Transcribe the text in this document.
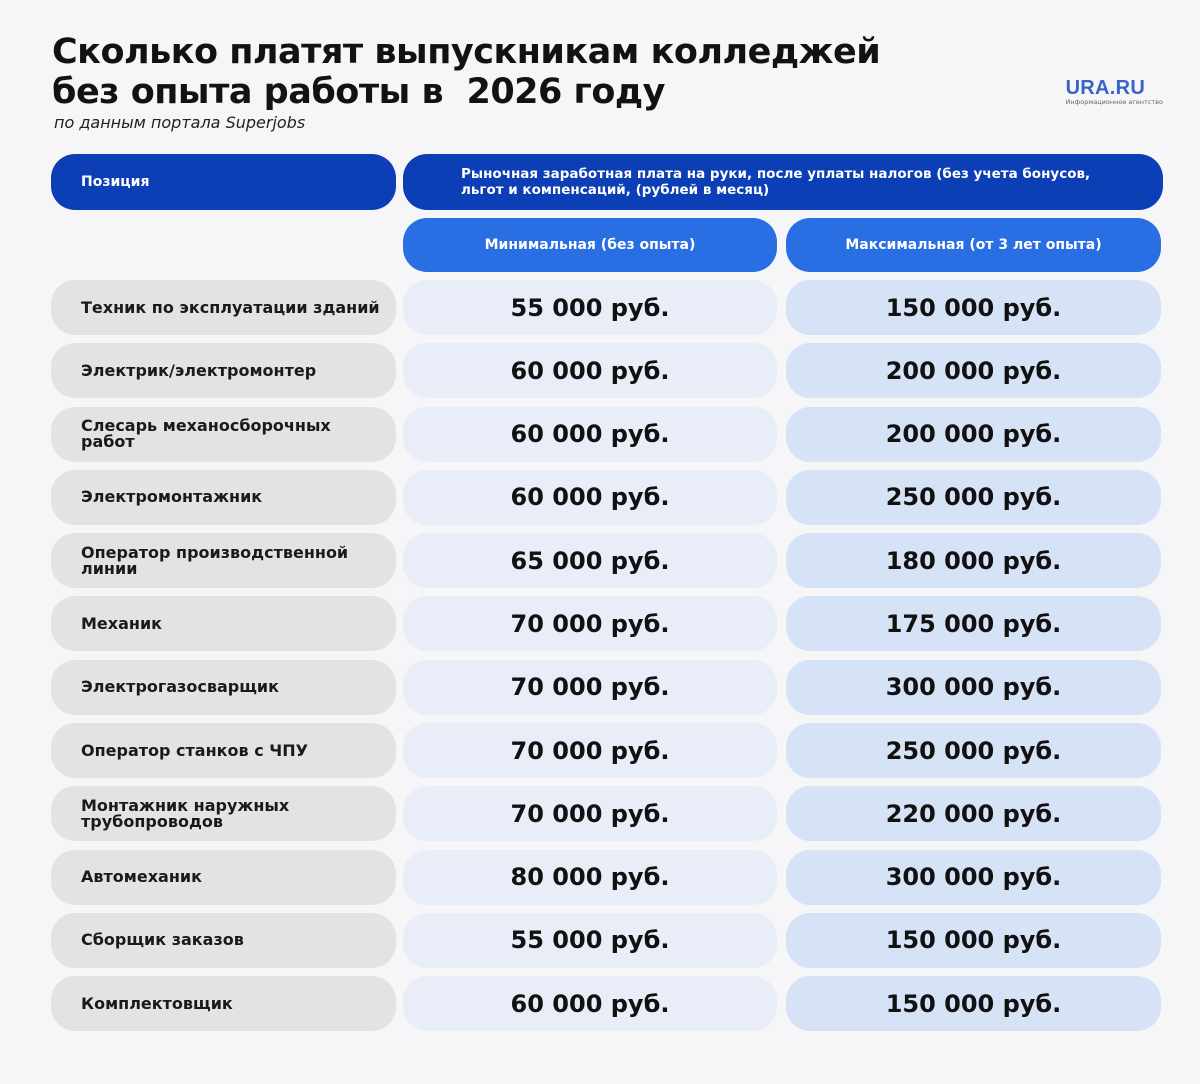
Сколько платят выпускникам колледжей
без опыта работы в  2026 году
по данным портала Superjobs
URA.RU
Информационное агентство
Позиция	Рыночная заработная плата на руки, после уплаты налогов (без учета бонусов, льгот и компенсаций, (рублей в месяц)
Минимальная (без опыта)	Максимальная (от 3 лет опыта)
Техник по эксплуатации зданий	55 000 руб.	150 000 руб.
Электрик/электромонтер	60 000 руб.	200 000 руб.
Слесарь механосборочных работ	60 000 руб.	200 000 руб.
Электромонтажник	60 000 руб.	250 000 руб.
Оператор производственной линии	65 000 руб.	180 000 руб.
Механик	70 000 руб.	175 000 руб.
Электрогазосварщик	70 000 руб.	300 000 руб.
Оператор станков с ЧПУ	70 000 руб.	250 000 руб.
Монтажник наружных трубопроводов	70 000 руб.	220 000 руб.
Автомеханик	80 000 руб.	300 000 руб.
Сборщик заказов	55 000 руб.	150 000 руб.
Комплектовщик	60 000 руб.	150 000 руб.
